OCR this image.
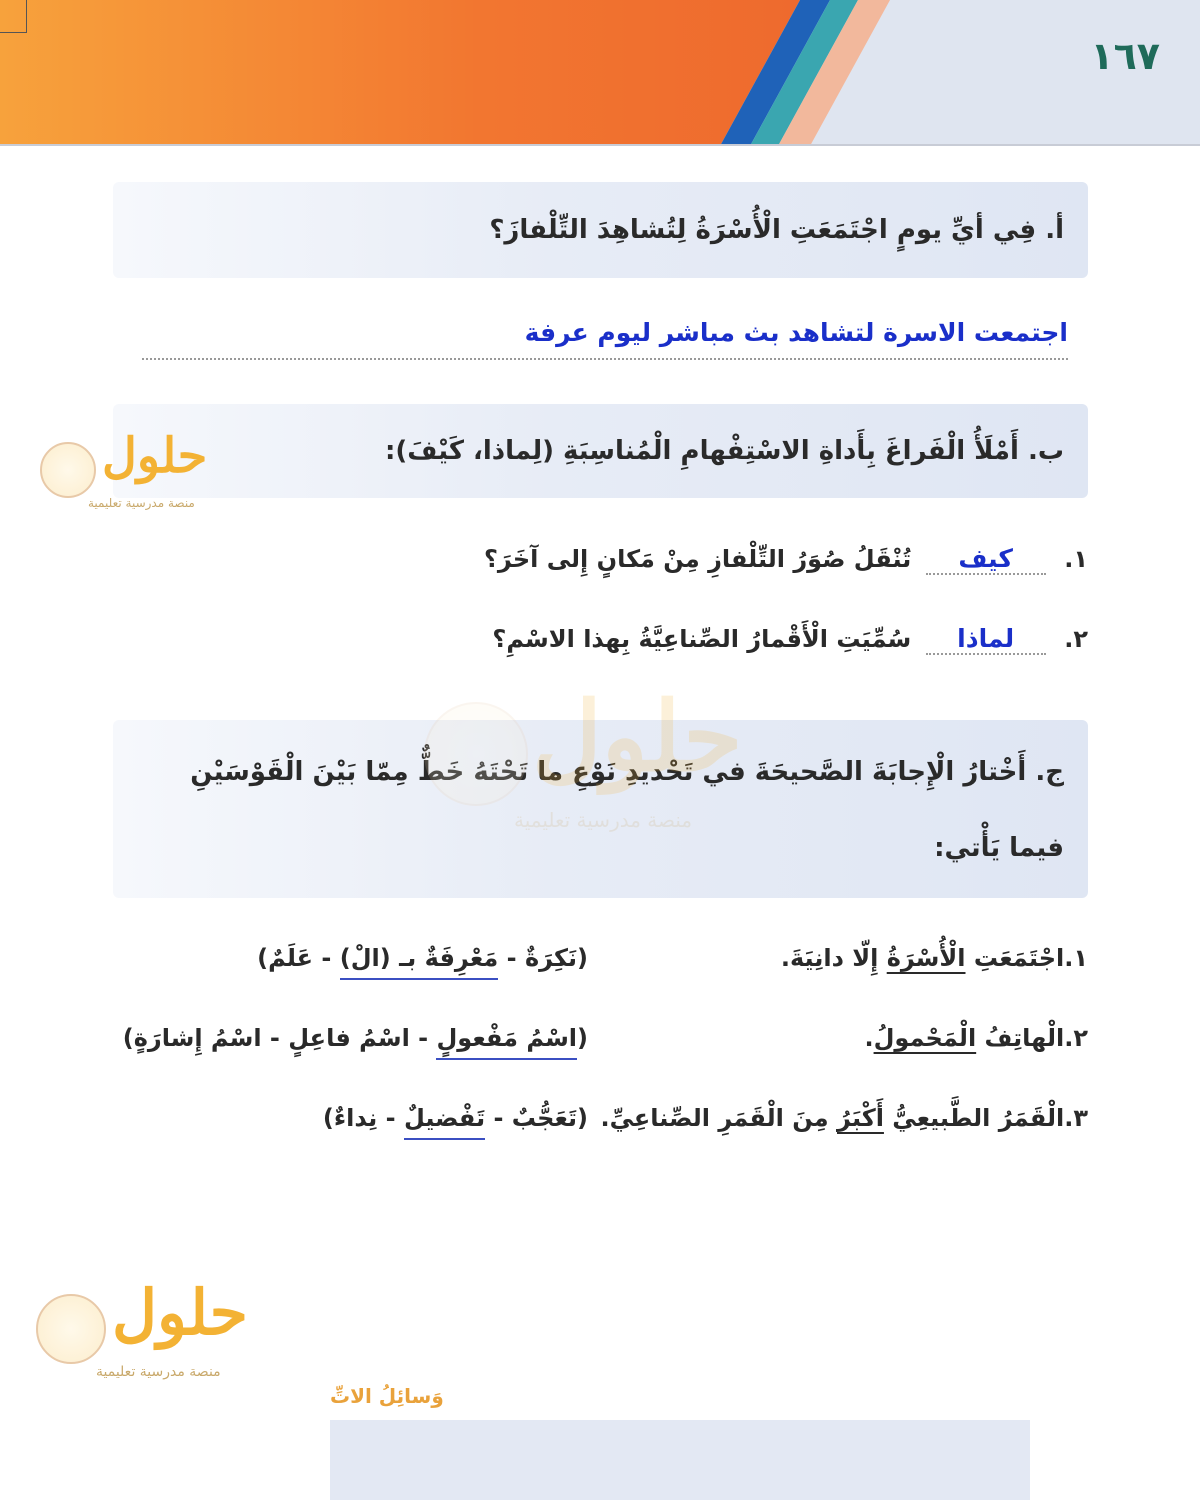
١٦٧
أ. فِي أيِّ يومٍ اجْتَمَعَتِ الْأُسْرَةُ لِتُشاهِدَ التِّلْفازَ؟
اجتمعت الاسرة لتشاهد بث مباشر ليوم عرفة
ب. أَمْلَأُ الْفَراغَ بِأَداةِ الاسْتِفْهامِ الْمُناسِبَةِ (لِماذا، كَيْفَ):
١. كيف تُنْقَلُ صُوَرُ التِّلْفازِ مِنْ مَكانٍ إِلى آخَرَ؟
٢. لماذا سُمِّيَتِ الْأَقْمارُ الصِّناعِيَّةُ بِهذا الاسْمِ؟
ج. أَخْتارُ الْإِجابَةَ الصَّحيحَةَ في تَحْديدِ نَوْعِ ما تَحْتَهُ خَطٌّ مِمّا بَيْنَ الْقَوْسَيْنِ
فيما يَأْتي:
١.اجْتَمَعَتِ الْأُسْرَةُ إِلّا دانِيَةَ.
(نَكِرَةٌ - مَعْرِفَةٌ بـ (الْ) - عَلَمٌ)
٢.الْهاتِفُ الْمَحْمولُ.
(اسْمُ مَفْعولٍ - اسْمُ فاعِلٍ - اسْمُ إِشارَةٍ)
٣.الْقَمَرُ الطَّبيعِيُّ أَكْبَرُ مِنَ الْقَمَرِ الصِّناعِيِّ.
(تَعَجُّبٌ - تَفْضيلٌ - نِداءٌ)
حلول
منصة مدرسية تعليمية
حلول
منصة مدرسية تعليمية
حلول
منصة مدرسية تعليمية
وَسائِلُ الاتِّ
